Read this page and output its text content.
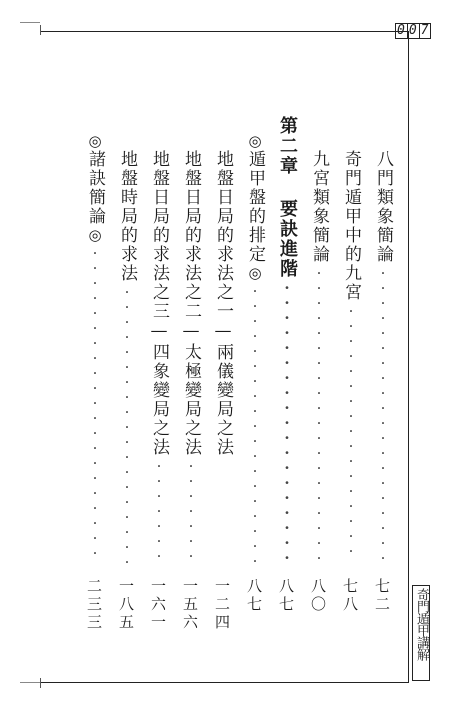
0 0 7
奇門遁甲講解
八門類象簡論····················
七二
奇門遁甲中的九宮·················
七八
九宮類象簡論····················
八〇
第二章 要訣進階···················
八七
◎遁甲盤的排定◎···················
八七
地盤日局的求法之一—兩儀變局之法
一二四
地盤日局的求法之二—太極變局之法·······
一五六
地盤日局的求法之三—四象變局之法·······
一六一
地盤時局的求法···················
一八五
◎諸訣簡論◎·····················
二三三
